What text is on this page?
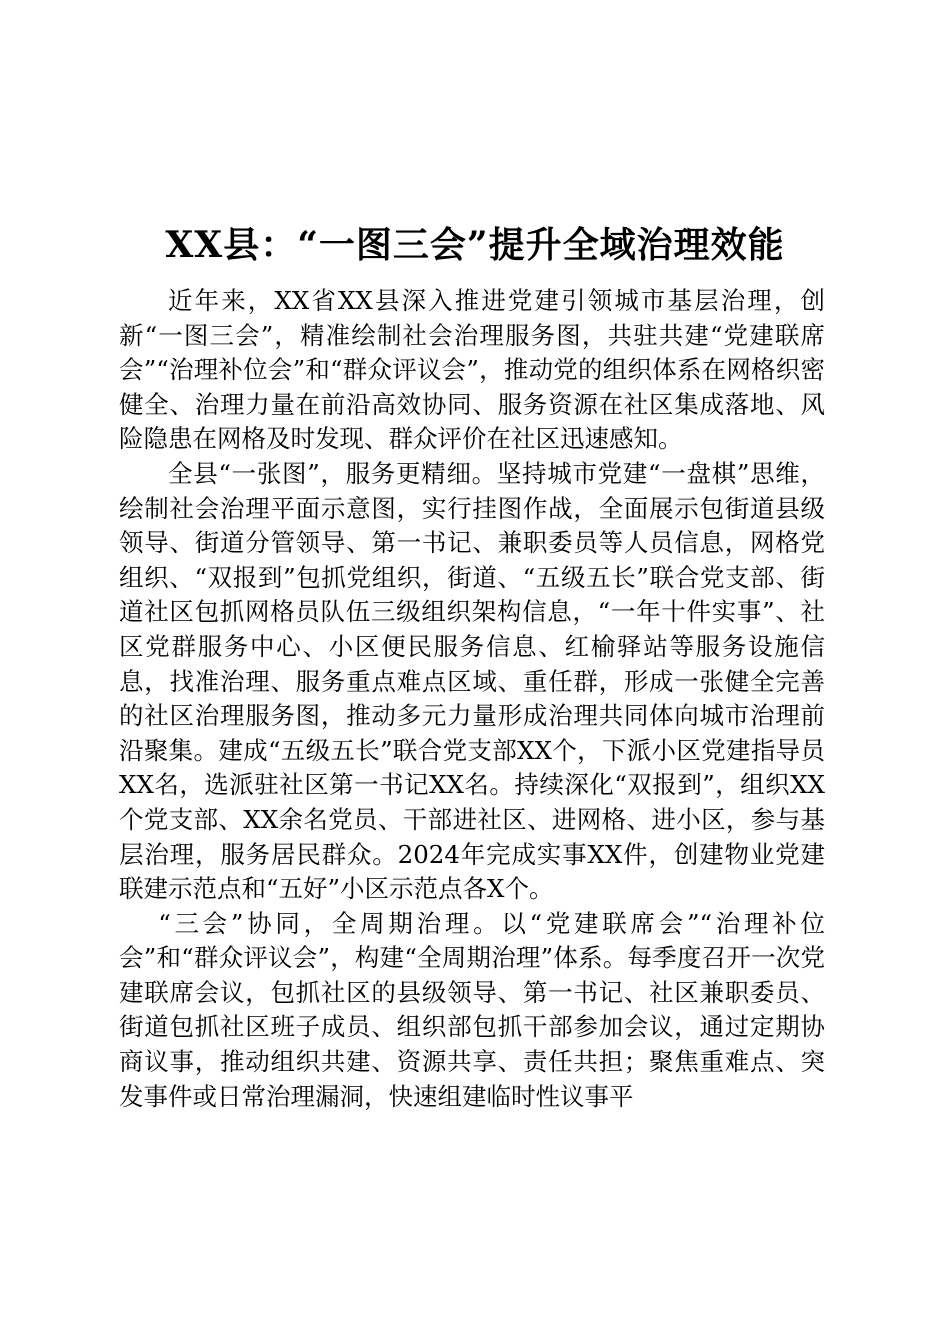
XX县：“一图三会”提升全域治理效能

近年来，XX省XX县深入推进党建引领城市基层治理，创新“一图三会”，精准绘制社会治理服务图，共驻共建“党建联席会”“治理补位会”和“群众评议会”，推动党的组织体系在网格织密健全、治理力量在前沿高效协同、服务资源在社区集成落地、风险隐患在网格及时发现、群众评价在社区迅速感知。

全县“一张图”，服务更精细。坚持城市党建“一盘棋”思维，绘制社会治理平面示意图，实行挂图作战，全面展示包街道县级领导、街道分管领导、第一书记、兼职委员等人员信息，网格党组织、“双报到”包抓党组织，街道、“五级五长”联合党支部、街道社区包抓网格员队伍三级组织架构信息，“一年十件实事”、社区党群服务中心、小区便民服务信息、红榆驿站等服务设施信息，找准治理、服务重点难点区域、重任群，形成一张健全完善的社区治理服务图，推动多元力量形成治理共同体向城市治理前沿聚集。建成“五级五长”联合党支部XX个，下派小区党建指导员XX名，选派驻社区第一书记XX名。持续深化“双报到”，组织XX个党支部、XX余名党员、干部进社区、进网格、进小区，参与基层治理，服务居民群众。2024年完成实事XX件，创建物业党建联建示范点和“五好”小区示范点各X个。

“三会”协同，全周期治理。以“党建联席会”“治理补位会”和“群众评议会”，构建“全周期治理”体系。每季度召开一次党建联席会议，包抓社区的县级领导、第一书记、社区兼职委员、街道包抓社区班子成员、组织部包抓干部参加会议，通过定期协商议事，推动组织共建、资源共享、责任共担；聚焦重难点、突发事件或日常治理漏洞，快速组建临时性议事平
